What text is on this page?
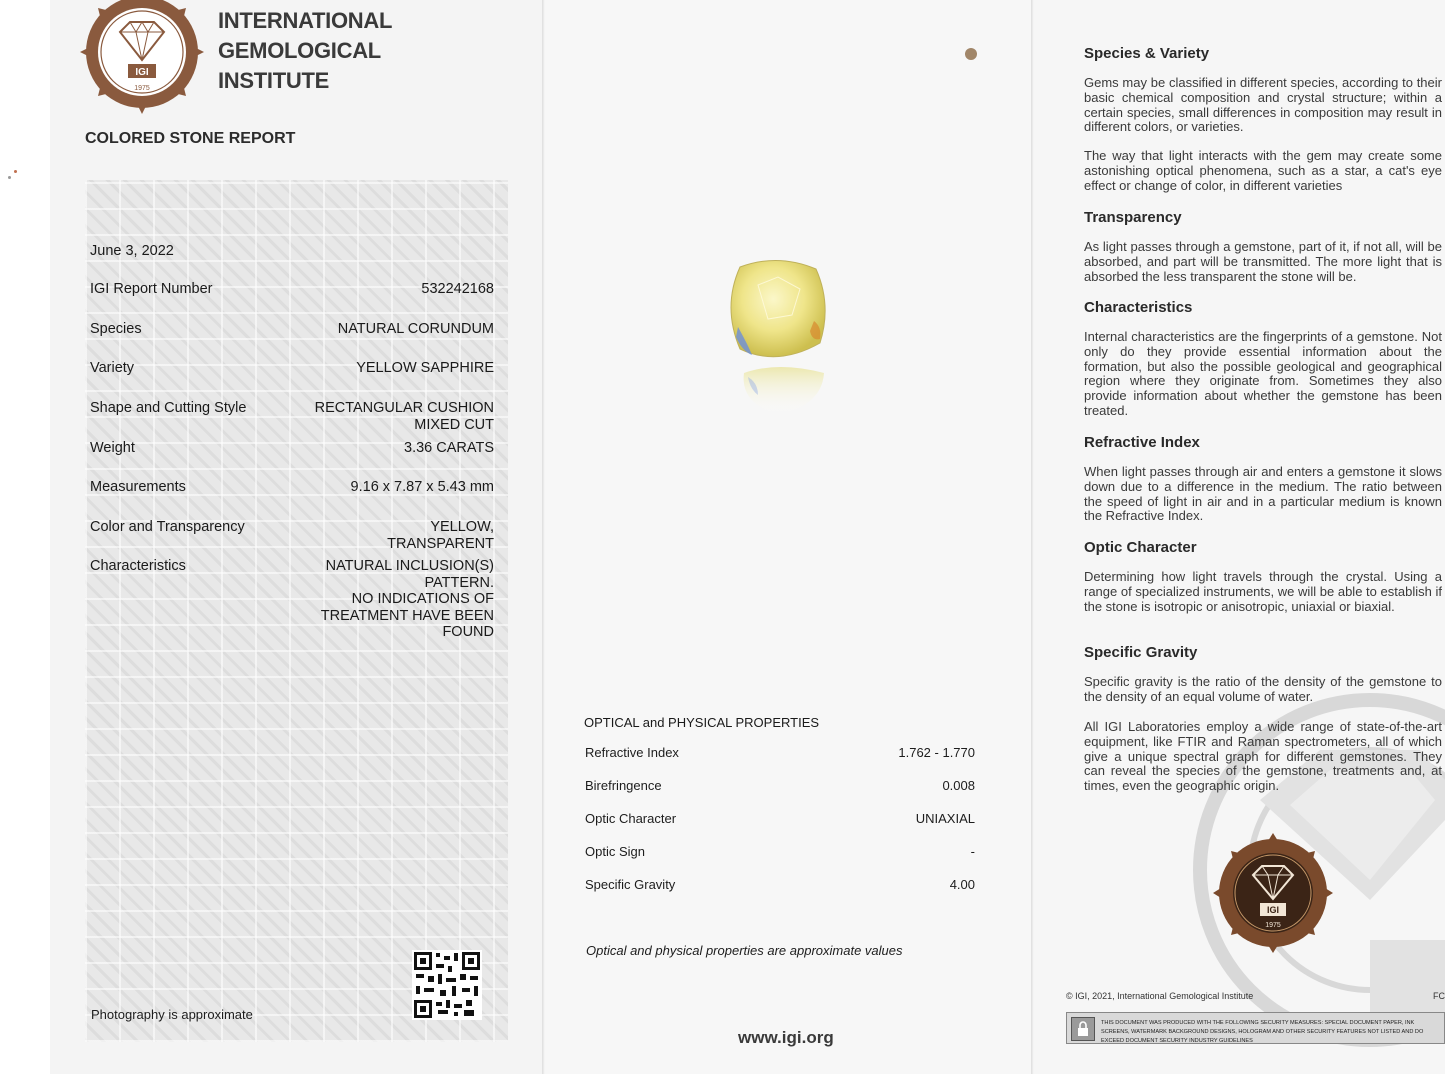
IGI
1975
INTERNATIONAL
GEMOLOGICAL
INSTITUTE
COLORED STONE REPORT
June 3, 2022
IGI Report Number	532242168
Species	NATURAL CORUNDUM
Variety	YELLOW SAPPHIRE
Shape and Cutting Style	RECTANGULAR CUSHION
MIXED CUT
Weight	3.36 CARATS
Measurements	9.16 x 7.87 x 5.43 mm
Color and Transparency	YELLOW,
TRANSPARENT
Characteristics	NATURAL INCLUSION(S)
PATTERN.
NO INDICATIONS OF
TREATMENT HAVE BEEN
FOUND
Photography is approximate
OPTICAL and PHYSICAL PROPERTIES
Refractive Index	1.762 - 1.770
Birefringence	0.008
Optic Character	UNIAXIAL
Optic Sign	-
Specific Gravity	4.00
Optical and physical properties are approximate values
www.igi.org
Species & Variety
Gems may be classified in different species, according to their basic chemical composition and crystal structure; within a certain species, small differences in composition may result in different colors, or varieties.
The way that light interacts with the gem may create some astonishing optical phenomena, such as a star, a cat's eye effect or change of color, in different varieties
Transparency
As light passes through a gemstone, part of it, if not all, will be absorbed, and part will be transmitted. The more light that is absorbed the less transparent the stone will be.
Characteristics
Internal characteristics are the fingerprints of a gemstone. Not only do they provide essential information about the formation, but also the possible geological and geographical region where they originate from. Sometimes they also provide information about whether the gemstone has been treated.
Refractive Index
When light passes through air and enters a gemstone it slows down due to a difference in the medium. The ratio between the speed of light in air and in a particular medium is known the Refractive Index.
Optic Character
Determining how light travels through the crystal. Using a range of specialized instruments, we will be able to establish if the stone is isotropic or anisotropic, uniaxial or biaxial.
Specific Gravity
Specific gravity is the ratio of the density of the gemstone to the density of an equal volume of water.
All IGI Laboratories employ a wide range of state-of-the-art equipment, like FTIR and Raman spectrometers, all of which give a unique spectral graph for different gemstones. They can reveal the species of the gemstone, treatments and, at times, even the geographic origin.
IGI
1975
© IGI, 2021, International Gemological Institute	FC
THIS DOCUMENT WAS PRODUCED WITH THE FOLLOWING SECURITY MEASURES: SPECIAL DOCUMENT PAPER, INK SCREENS, WATERMARK BACKGROUND DESIGNS, HOLOGRAM AND OTHER SECURITY FEATURES NOT LISTED AND DO EXCEED DOCUMENT SECURITY INDUSTRY GUIDELINES
